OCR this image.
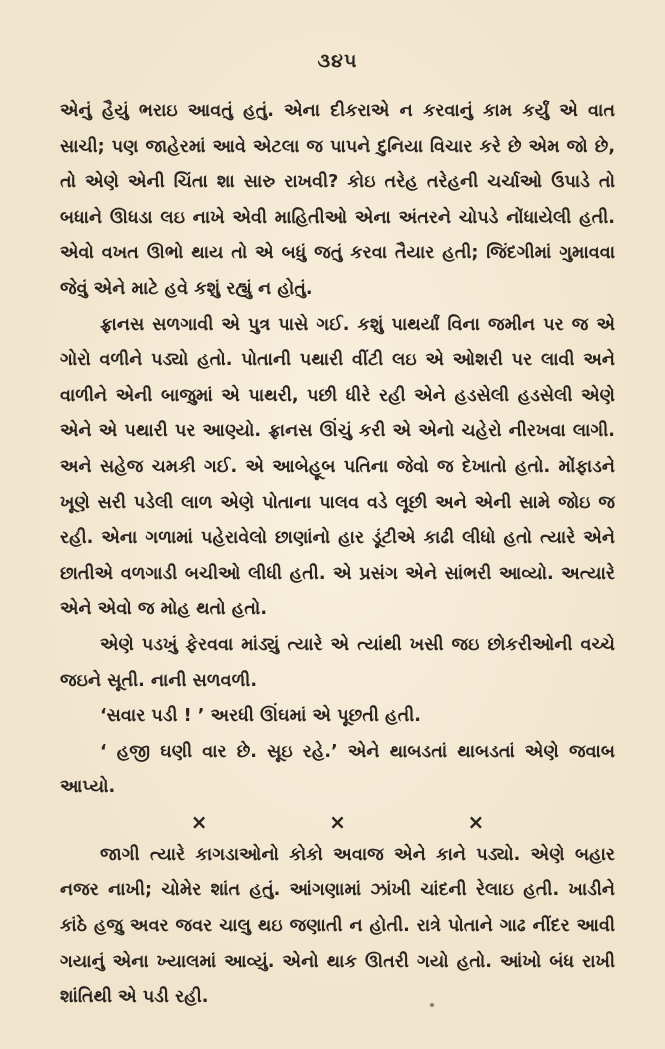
૩૪૫

એનું હૈયું ભરાઇ આવતું હતું. એના દીકરાએ ન કરવાનું કામ કર્યું એ વાત સાચી; પણ જાહેરમાં આવે એટલા જ પાપને દુનિયા વિચાર કરે છે એમ જો છે, તો એણે એની ચિંતા શા સારુ રાખવી? કોઇ તરેહ તરેહની ચર્ચાઓ ઉપાડે તો બધાને ઊધડા લઇ નાખે એવી માહિતીઓ એના અંતરને ચોપડે નોંધાયેલી હતી. એવો વખત ઊભો થાય તો એ બધું જતું કરવા તૈયાર હતી; જિંદગીમાં ગુમાવવા જેવું એને માટે હવે કશું રહ્યું ન હોતું.

ફ્રાનસ સળગાવી એ પુત્ર પાસે ગઈ. કશું પાથર્યાં વિના જમીન પર જ એ ગોરો વળીને પડ્યો હતો. પોતાની પથારી વીંટી લઇ એ ઓશરી પર લાવી અને વાળીને એની બાજુમાં એ પાથરી, પછી ધીરે રહી એને હડસેલી હડસેલી એણે એને એ પથારી પર આણ્યો. ફ્રાનસ ઊંચું કરી એ એનો ચહેરો નીરખવા લાગી. અને સહેજ ચમકી ગઈ. એ આબેહૂબ પતિના જેવો જ દેખાતો હતો. મોંફાડને ખૂણે સરી પડેલી લાળ એણે પોતાના પાલવ વડે લૂછી અને એની સામે જોઇ જ રહી. એના ગળામાં પહેરાવેલો છાણાંનો હાર ડૂંટીએ કાઢી લીધો હતો ત્યારે એને છાતીએ વળગાડી બચીઓ લીધી હતી. એ પ્રસંગ એને સાંભરી આવ્યો. અત્યારે એને એવો જ મોહ થતો હતો.

એણે પડખું ફેરવવા માંડ્યું ત્યારે એ ત્યાંથી ખસી જઇ છોકરીઓની વચ્ચે જઇને સૂતી. નાની સળવળી.

‘સવાર પડી ! ’ અરધી ઊંઘમાં એ પૂછતી હતી.

‘ હજી ઘણી વાર છે. સૂઇ રહે.’ એને થાબડતાં થાબડતાં એણે જવાબ આપ્યો.

×	×	×

જાગી ત્યારે કાગડાઓનો કોકો અવાજ એને કાને પડ્યો. એણે બહાર નજર નાખી; ચોમેર શાંત હતું. આંગણામાં ઝાંખી ચાંદની રેલાઇ હતી. ખાડીને કાંઠે હજુ અવર જવર ચાલુ થઇ જણાતી ન હોતી. રાત્રે પોતાને ગાઢ નીંદર આવી ગયાનું એના ખ્યાલમાં આવ્યું. એનો થાક ઊતરી ગયો હતો. આંખો બંધ રાખી શાંતિથી એ પડી રહી.
